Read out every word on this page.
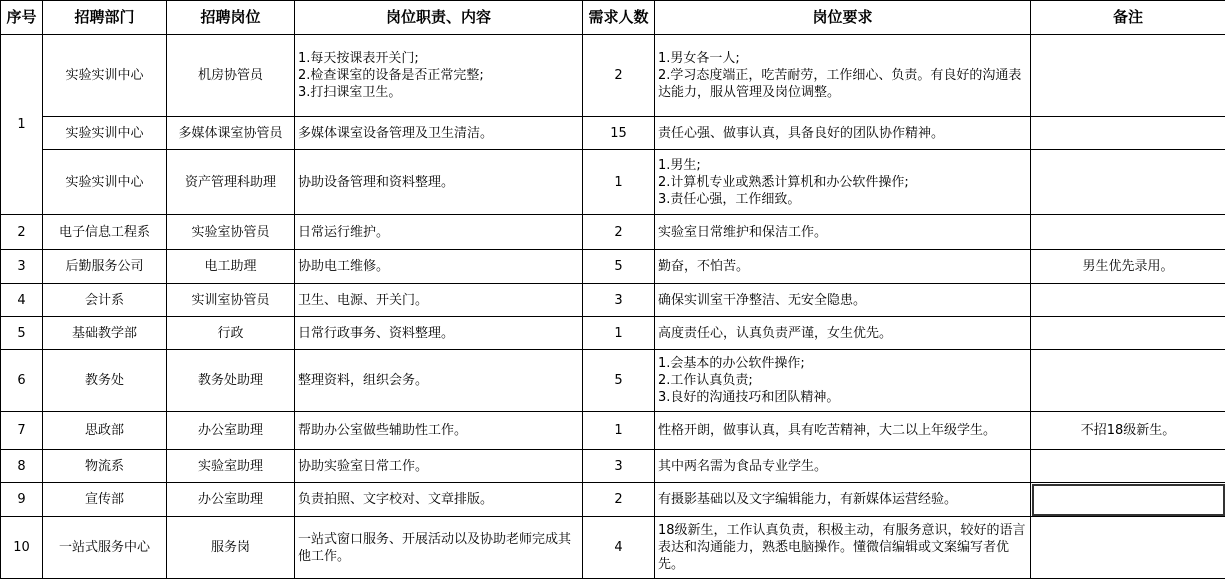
序号	招聘部门	招聘岗位	岗位职责、内容	需求人数	岗位要求	备注
1	实验实训中心	机房协管员	1.每天按课表开关门;
2.检查课室的设备是否正常完整;
3.打扫课室卫生。	2	1.男女各一人;
2.学习态度端正，吃苦耐劳，工作细心、负责。有良好的沟通表达能力，服从管理及岗位调整。	
	实验实训中心	多媒体课室协管员	多媒体课室设备管理及卫生清洁。	15	责任心强、做事认真，具备良好的团队协作精神。	
	实验实训中心	资产管理科助理	协助设备管理和资料整理。	1	1.男生;
2.计算机专业或熟悉计算机和办公软件操作;
3.责任心强，工作细致。	
2	电子信息工程系	实验室协管员	日常运行维护。	2	实验室日常维护和保洁工作。	
3	后勤服务公司	电工助理	协助电工维修。	5	勤奋，不怕苦。	男生优先录用。
4	会计系	实训室协管员	卫生、电源、开关门。	3	确保实训室干净整洁、无安全隐患。	
5	基础教学部	行政	日常行政事务、资料整理。	1	高度责任心，认真负责严谨，女生优先。	
6	教务处	教务处助理	整理资料，组织会务。	5	1.会基本的办公软件操作;
2.工作认真负责;
3.良好的沟通技巧和团队精神。	
7	思政部	办公室助理	帮助办公室做些辅助性工作。	1	性格开朗，做事认真，具有吃苦精神，大二以上年级学生。	不招18级新生。
8	物流系	实验室助理	协助实验室日常工作。	3	其中两名需为食品专业学生。	
9	宣传部	办公室助理	负责拍照、文字校对、文章排版。	2	有摄影基础以及文字编辑能力，有新媒体运营经验。	
10	一站式服务中心	服务岗	一站式窗口服务、开展活动以及协助老师完成其他工作。	4	18级新生，工作认真负责，积极主动，有服务意识，较好的语言表达和沟通能力，熟悉电脑操作。懂微信编辑或文案编写者优先。	
